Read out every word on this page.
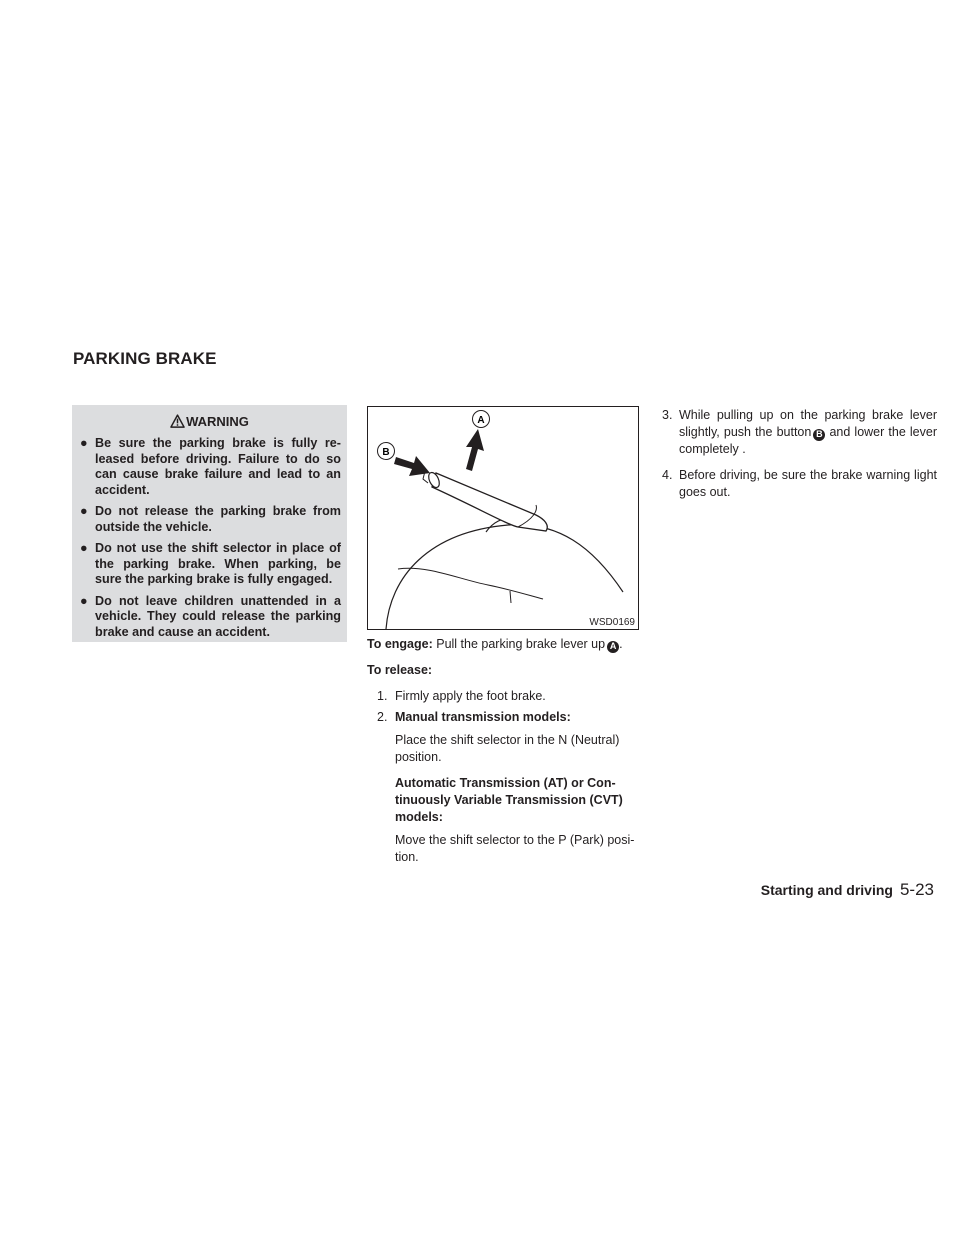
PARKING BRAKE
WARNING
● Be sure the parking brake is fully re-leased before driving. Failure to do so can cause brake failure and lead to an accident.
● Do not release the parking brake from outside the vehicle.
● Do not use the shift selector in place of the parking brake. When parking, be sure the parking brake is fully engaged.
● Do not leave children unattended in a vehicle. They could release the parking brake and cause an accident.
A
B
WSD0169

To engage: Pull the parking brake lever up A .

To release:

1. Firmly apply the foot brake.
2. Manual transmission models:
Place the shift selector in the N (Neutral) position.
Automatic Transmission (AT) or Con-tinuously Variable Transmission (CVT) models:
Move the shift selector to the P (Park) posi-tion.
3. While pulling up on the parking brake lever slightly, push the button B and lower the lever completely .
4. Before driving, be sure the brake warning light goes out.
Starting and driving 5-23
